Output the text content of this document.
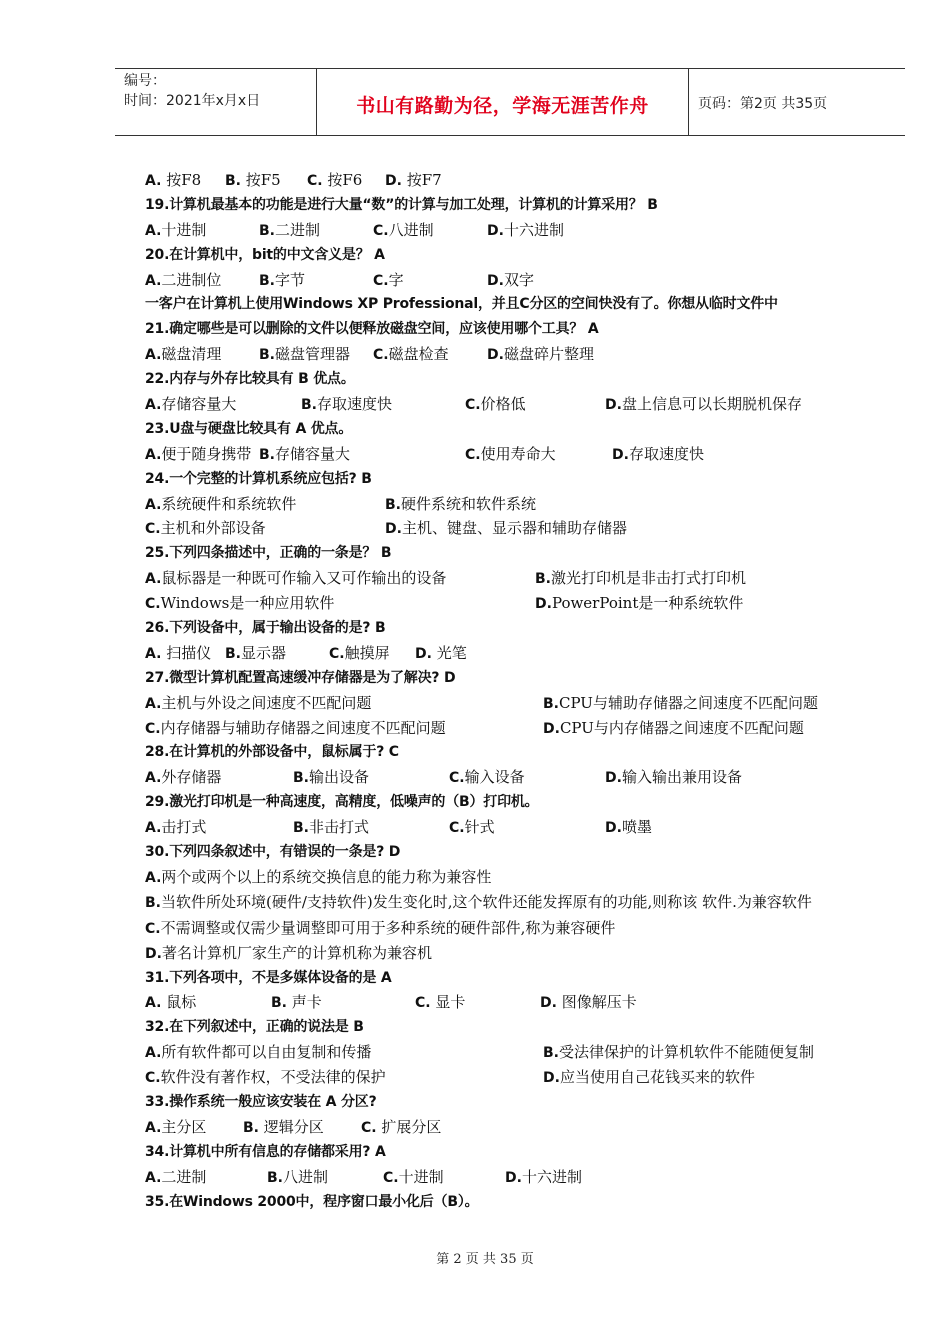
编号：
时间：2021年x月x日	书山有路勤为径，学海无涯苦作舟	页码：第2页 共35页
A. 按F8 B. 按F5 C. 按F6 D. 按F7
19.计算机最基本的功能是进行大量“数”的计算与加工处理，计算机的计算采用？ B
A.十进制	B.二进制	C.八进制	D.十六进制
20.在计算机中，bit的中文含义是？ A
A.二进制位	B.字节	C.字	D.双字
一客户在计算机上使用Windows XP Professional，并且C分区的空间快没有了。你想从临时文件中
21.确定哪些是可以删除的文件以便释放磁盘空间，应该使用哪个工具？ A
A.磁盘清理	B.磁盘管理器 C.磁盘检查	D.磁盘碎片整理
22.内存与外存比较具有 B 优点。
A.存储容量大	B.存取速度快	C.价格低	D.盘上信息可以长期脱机保存
23.U盘与硬盘比较具有 A 优点。
A.便于随身携带 B.存储容量大	C.使用寿命大	D.存取速度快
24.一个完整的计算机系统应包括? B
A.系统硬件和系统软件	B.硬件系统和软件系统
C.主机和外部设备	D.主机、键盘、显示器和辅助存储器
25.下列四条描述中，正确的一条是？ B
A.鼠标器是一种既可作输入又可作输出的设备	B.激光打印机是非击打式打印机
C.Windows是一种应用软件	D.PowerPoint是一种系统软件
26.下列设备中，属于输出设备的是? B
A. 扫描仪 B.显示器	C.触摸屏 D. 光笔
27.微型计算机配置高速缓冲存储器是为了解决? D
A.主机与外设之间速度不匹配问题	B.CPU与辅助存储器之间速度不匹配问题
C.内存储器与辅助存储器之间速度不匹配问题	D.CPU与内存储器之间速度不匹配问题
28.在计算机的外部设备中，鼠标属于? C
A.外存储器	B.输出设备	C.输入设备	D.输入输出兼用设备
29.激光打印机是一种高速度，高精度，低噪声的（B）打印机。
A.击打式	B.非击打式	C.针式	D.喷墨
30.下列四条叙述中，有错误的一条是? D
A.两个或两个以上的系统交换信息的能力称为兼容性
B.当软件所处环境(硬件/支持软件)发生变化时,这个软件还能发挥原有的功能,则称该 软件.为兼容软件
C.不需调整或仅需少量调整即可用于多种系统的硬件部件,称为兼容硬件
D.著名计算机厂家生产的计算机称为兼容机
31.下列各项中，不是多媒体设备的是 A
A. 鼠标	B. 声卡	C. 显卡	D. 图像解压卡
32.在下列叙述中，正确的说法是 B
A.所有软件都可以自由复制和传播	B.受法律保护的计算机软件不能随便复制
C.软件没有著作权，不受法律的保护	D.应当使用自己花钱买来的软件
33.操作系统一般应该安装在 A 分区?
A.主分区	B. 逻辑分区	C. 扩展分区
34.计算机中所有信息的存储都采用? A
A.二进制	B.八进制	C.十进制	D.十六进制
35.在Windows 2000中，程序窗口最小化后（B）。
第 2 页 共 35 页
